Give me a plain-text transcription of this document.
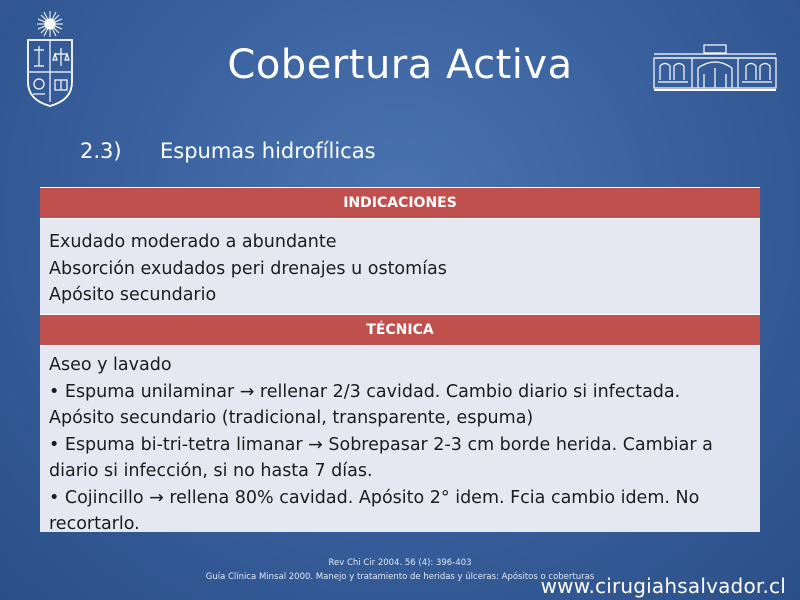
Cobertura Activa
2.3) Espumas hidrofílicas
INDICACIONES
Exudado moderado a abundante
Absorción exudados peri drenajes u ostomías
Apósito secundario
TÉCNICA
Aseo y lavado
• Espuma unilaminar → rellenar 2/3 cavidad. Cambio diario si infectada.
Apósito secundario (tradicional, transparente, espuma)
• Espuma bi-tri-tetra limanar → Sobrepasar 2-3 cm borde herida. Cambiar a
diario si infección, si no hasta 7 días.
• Cojincillo → rellena 80% cavidad. Apósito 2° idem. Fcia cambio idem. No
recortarlo.
Rev Chi Cir 2004. 56 (4): 396-403
Guía Clínica Minsal 2000. Manejo y tratamiento de heridas y úlceras: Apósitos o coberturas
www.cirugiahsalvador.cl
